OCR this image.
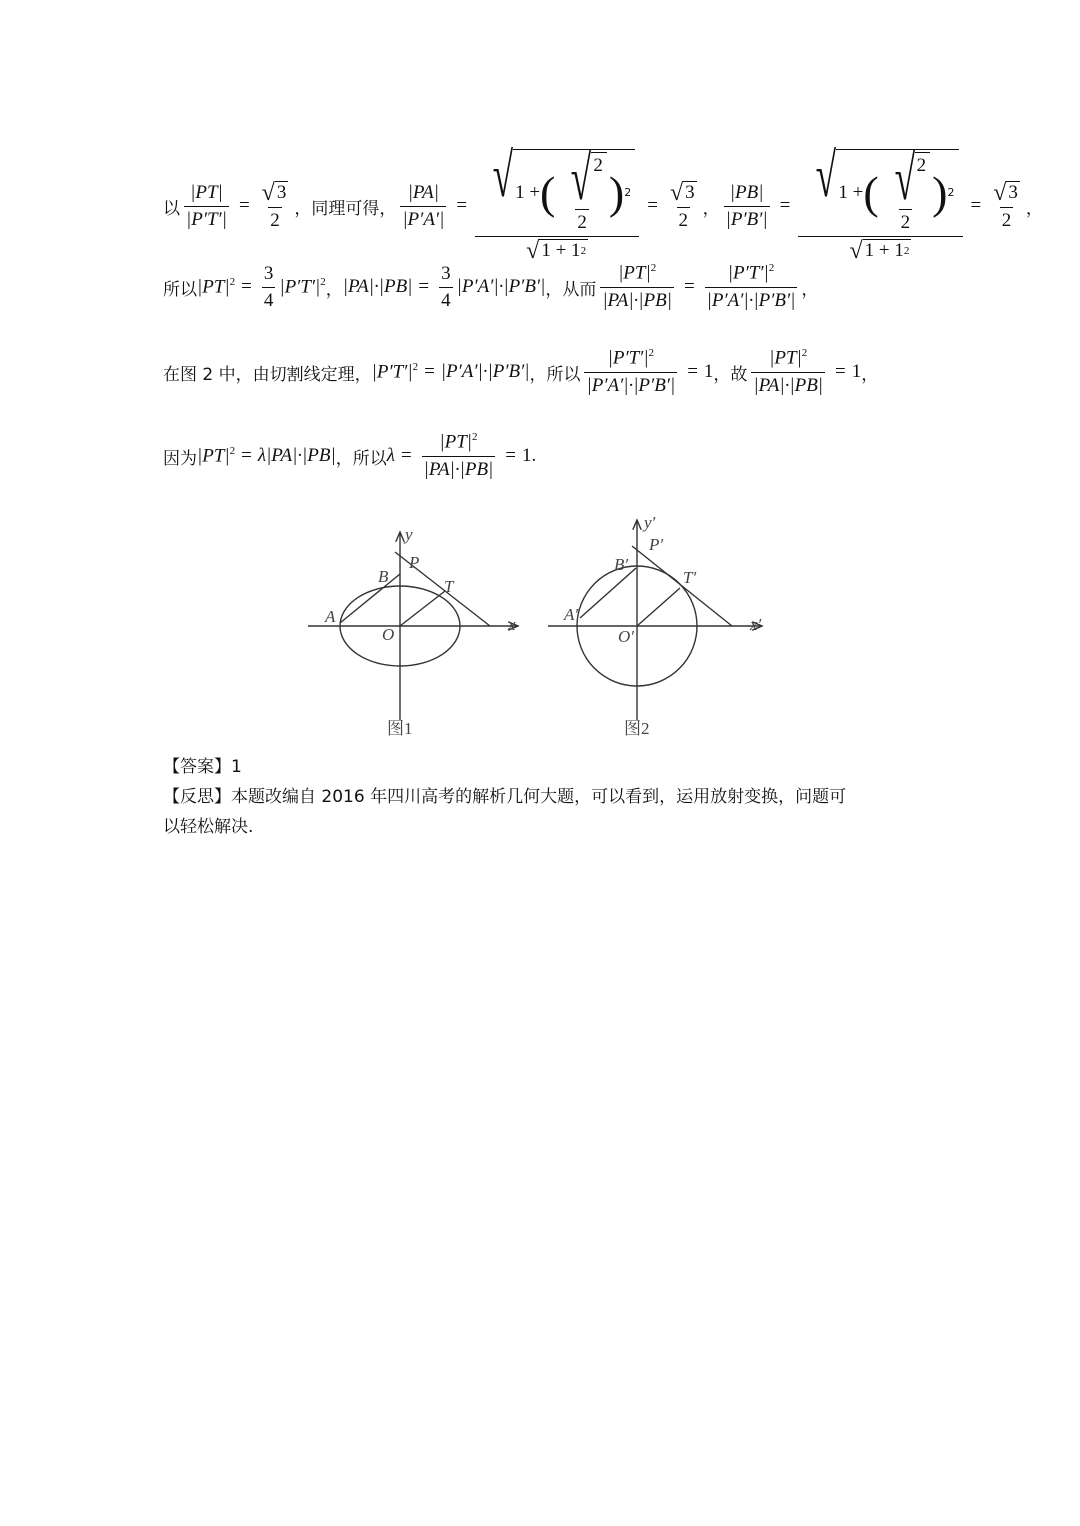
以 $\frac{|PT|}{|P'T'|} = \frac{√ 3}{2}$ ，同理可得， $\frac{|PA|}{|P'A'|} = \frac{√ 1 + ( \frac{√ 2}{2} ) 2}{√ 1 + 1 2} = \frac{√ 3}{2}$ ， $\frac{|PB|}{|P'B'|} = \frac{√ 1 + ( \frac{√ 2}{2} ) 2}{√ 1 + 1 2} = \frac{√ 3}{2}$ ，
所以 $|PT|^2 = \frac{3}{4} |P'T'|^2$ ， $|PA|\cdot|PB| = \frac{3}{4} |P'A'|\cdot|P'B'|$ ，从而 $\frac{|PT|^2}{|PA|\cdot|PB|} = \frac{|P'T'|^2}{|P'A'|\cdot|P'B'|}$ ，
在图 2 中，由切割线定理， $|P'T'|^2 = |P'A'|\cdot|P'B'|$ ，所以 $\frac{|P'T'|^2}{|P'A'|\cdot|P'B'|} = 1$ ，故 $\frac{|PT|^2}{|PA|\cdot|PB|} = 1$ ，
因为 $|PT|^2 = \lambda|PA|\cdot|PB|$ ，所以 $\lambda = \frac{|PT|^2}{|PA|\cdot|PB|} = 1$ .
y
x
P
B
T
A
O
图1
y′
x′
P′
B′
T′
A′
O′
图2
【答案】1
【反思】本题改编自 2016 年四川高考的解析几何大题，可以看到，运用放射变换，问题可
以轻松解决.
